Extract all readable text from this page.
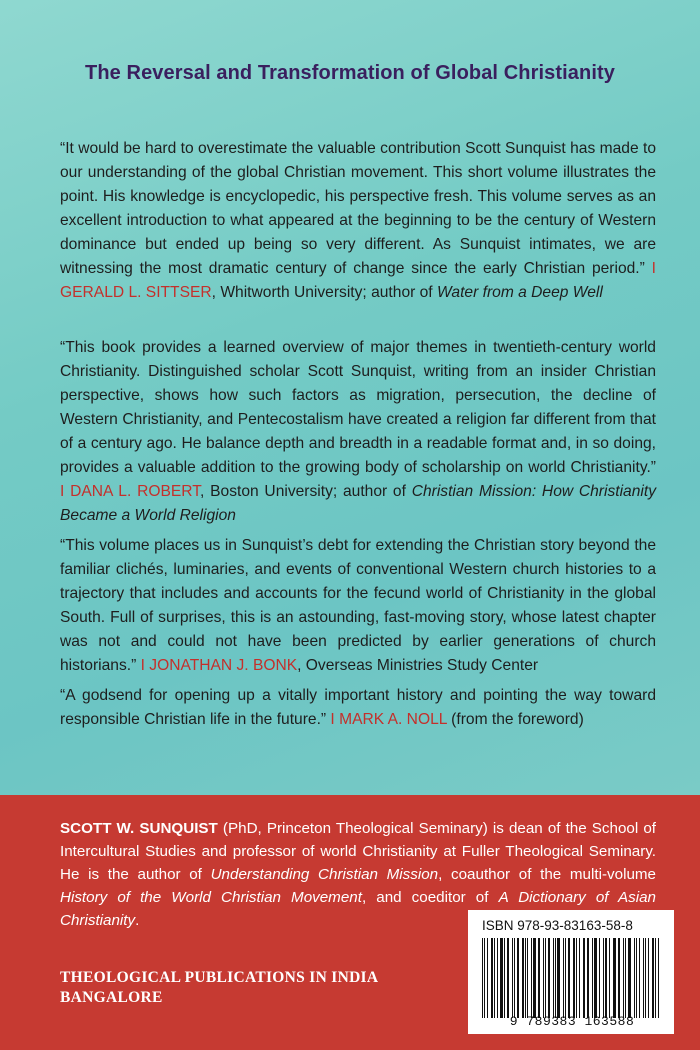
The Reversal and Transformation of Global Christianity
“It would be hard to overestimate the valuable contribution Scott Sunquist has made to our understanding of the global Christian movement. This short volume illustrates the point. His knowledge is encyclopedic, his perspective fresh. This volume serves as an excellent introduction to what appeared at the beginning to be the century of Western dominance but ended up being so very different. As Sunquist intimates, we are witnessing the most dramatic century of change since the early Christian period.” I GERALD L. SITTSER, Whitworth University; author of Water from a Deep Well
“This book provides a learned overview of major themes in twentieth-century world Christianity. Distinguished scholar Scott Sunquist, writing from an insider Christian perspective, shows how such factors as migration, persecution, the decline of Western Christianity, and Pentecostalism have created a religion far different from that of a century ago. He balance depth and breadth in a readable format and, in so doing, provides a valuable addition to the growing body of scholarship on world Christianity.” I DANA L. ROBERT, Boston University; author of Christian Mission: How Christianity Became a World Religion
“This volume places us in Sunquist’s debt for extending the Christian story beyond the familiar clichés, luminaries, and events of conventional Western church histories to a trajectory that includes and accounts for the fecund world of Christianity in the global South. Full of surprises, this is an astounding, fast-moving story, whose latest chapter was not and could not have been predicted by earlier generations of church historians.” I JONATHAN J. BONK, Overseas Ministries Study Center
“A godsend for opening up a vitally important history and pointing the way toward responsible Christian life in the future.” I MARK A. NOLL (from the foreword)
SCOTT W. SUNQUIST (PhD, Princeton Theological Seminary) is dean of the School of Intercultural Studies and professor of world Christianity at Fuller Theological Seminary. He is the author of Understanding Christian Mission, coauthor of the multi-volume History of the World Christian Movement, and coeditor of A Dictionary of Asian Christianity.
THEOLOGICAL PUBLICATIONS IN INDIA
BANGALORE
ISBN 978-93-83163-58-8
9 789383 163588
